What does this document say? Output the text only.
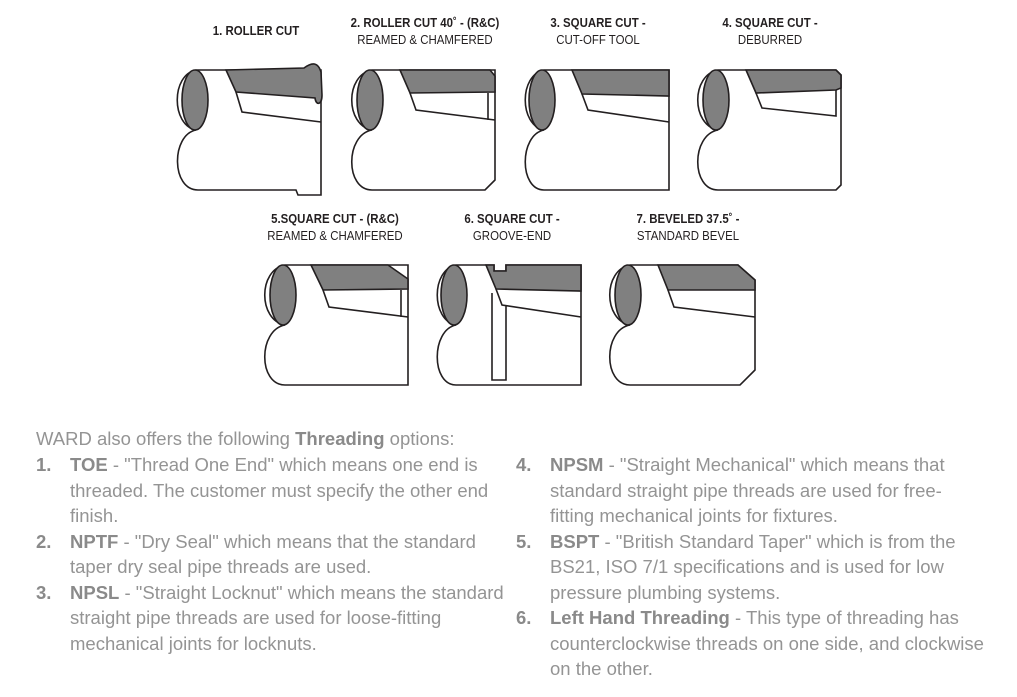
1. ROLLER CUT
2. ROLLER CUT 40˚ - (R&C)
REAMED & CHAMFERED
3. SQUARE CUT -
CUT-OFF TOOL
4. SQUARE CUT -
DEBURRED
5.SQUARE CUT - (R&C)
REAMED & CHAMFERED
6. SQUARE CUT -
GROOVE-END
7. BEVELED 37.5˚ -
STANDARD BEVEL
WARD also offers the following Threading options:
1. TOE - "Thread One End" which means one end is threaded. The customer must specify the other end finish.
2. NPTF - "Dry Seal" which means that the standard taper dry seal pipe threads are used.
3. NPSL - "Straight Locknut" which means the standard straight pipe threads are used for loose-fitting mechanical joints for locknuts.
4. NPSM - "Straight Mechanical" which means that standard straight pipe threads are used for free-fitting mechanical joints for fixtures.
5. BSPT - "British Standard Taper" which is from the BS21, ISO 7/1 specifications and is used for low pressure plumbing systems.
6. Left Hand Threading - This type of threading has counterclockwise threads on one side, and clockwise on the other.
